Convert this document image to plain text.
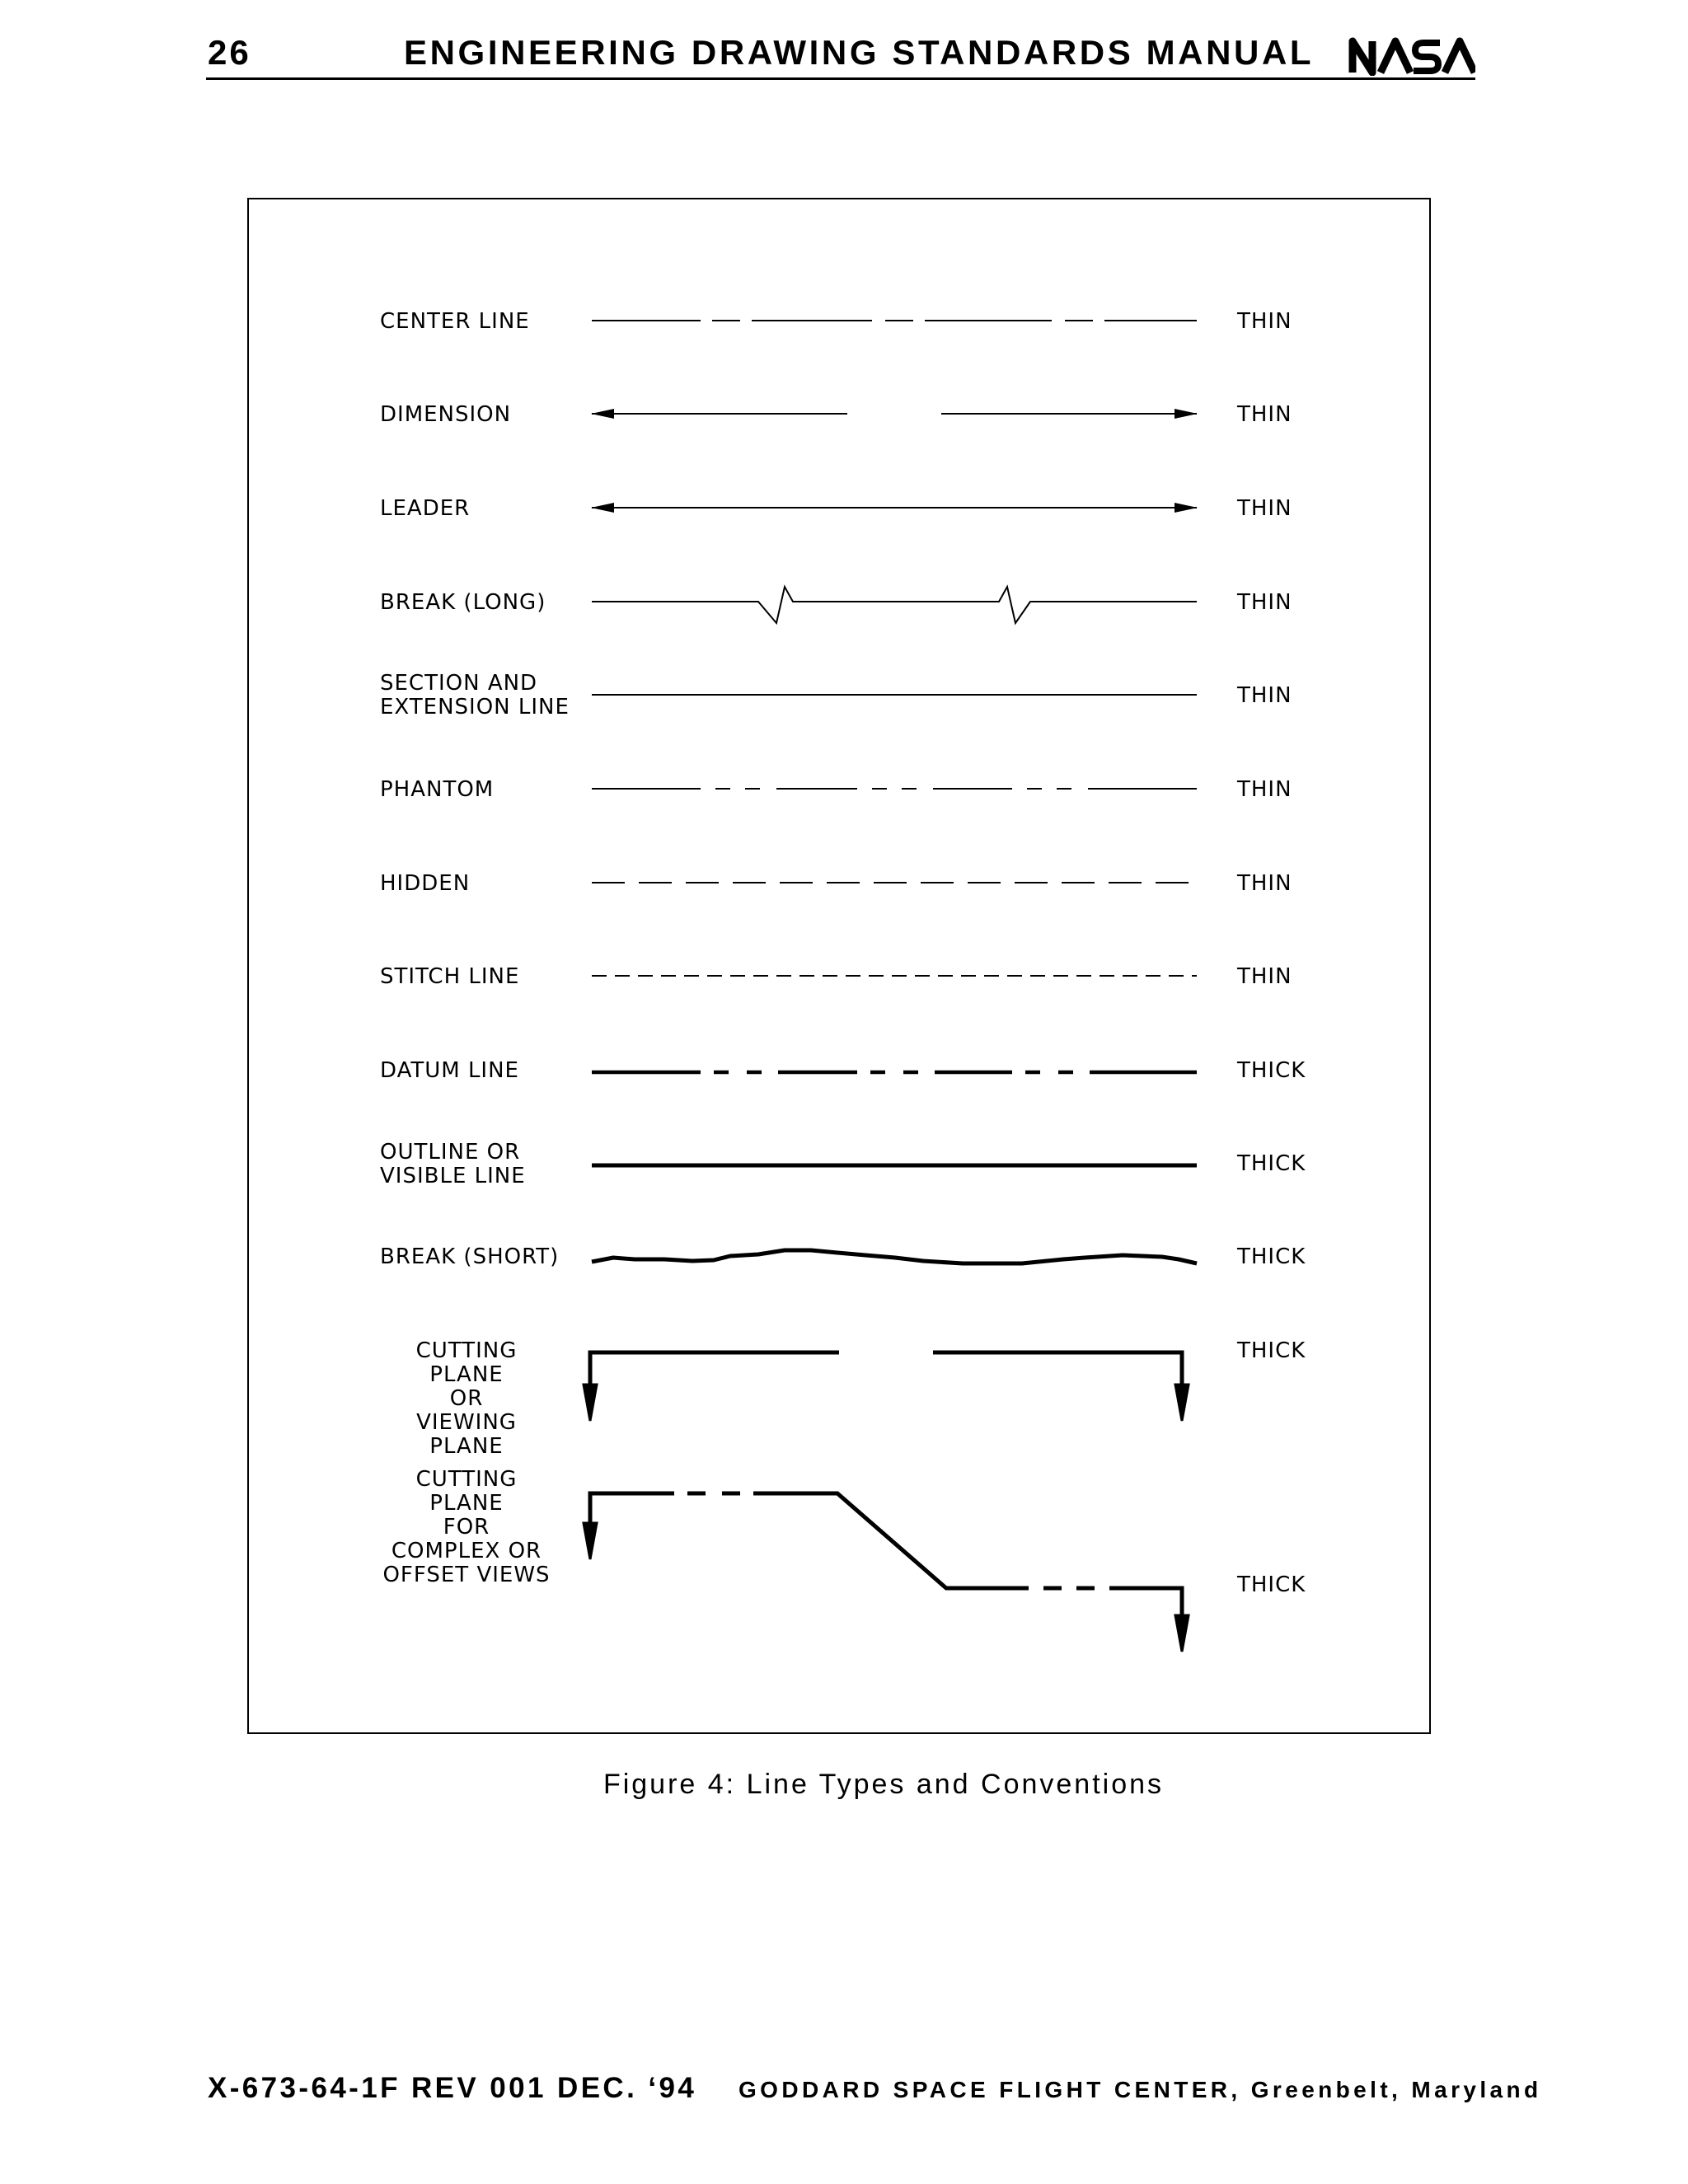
26	ENGINEERING DRAWING STANDARDS MANUAL
CENTER LINE
DIMENSION
LEADER
BREAK (LONG)
SECTION AND
EXTENSION LINE
PHANTOM
HIDDEN
STITCH LINE
DATUM LINE
OUTLINE OR
VISIBLE LINE
BREAK (SHORT)
CUTTING PLANE
OR
VIEWING PLANE
CUTTING PLANE
FOR
COMPLEX OR
OFFSET VIEWS
THIN
THIN
THIN
THIN
THIN
THIN
THIN
THIN
THICK
THICK
THICK
THICK
THICK
Figure 4: Line Types and Conventions
X-673-64-1F REV 001 DEC. ‘94 GODDARD SPACE FLIGHT CENTER, Greenbelt, Maryland
